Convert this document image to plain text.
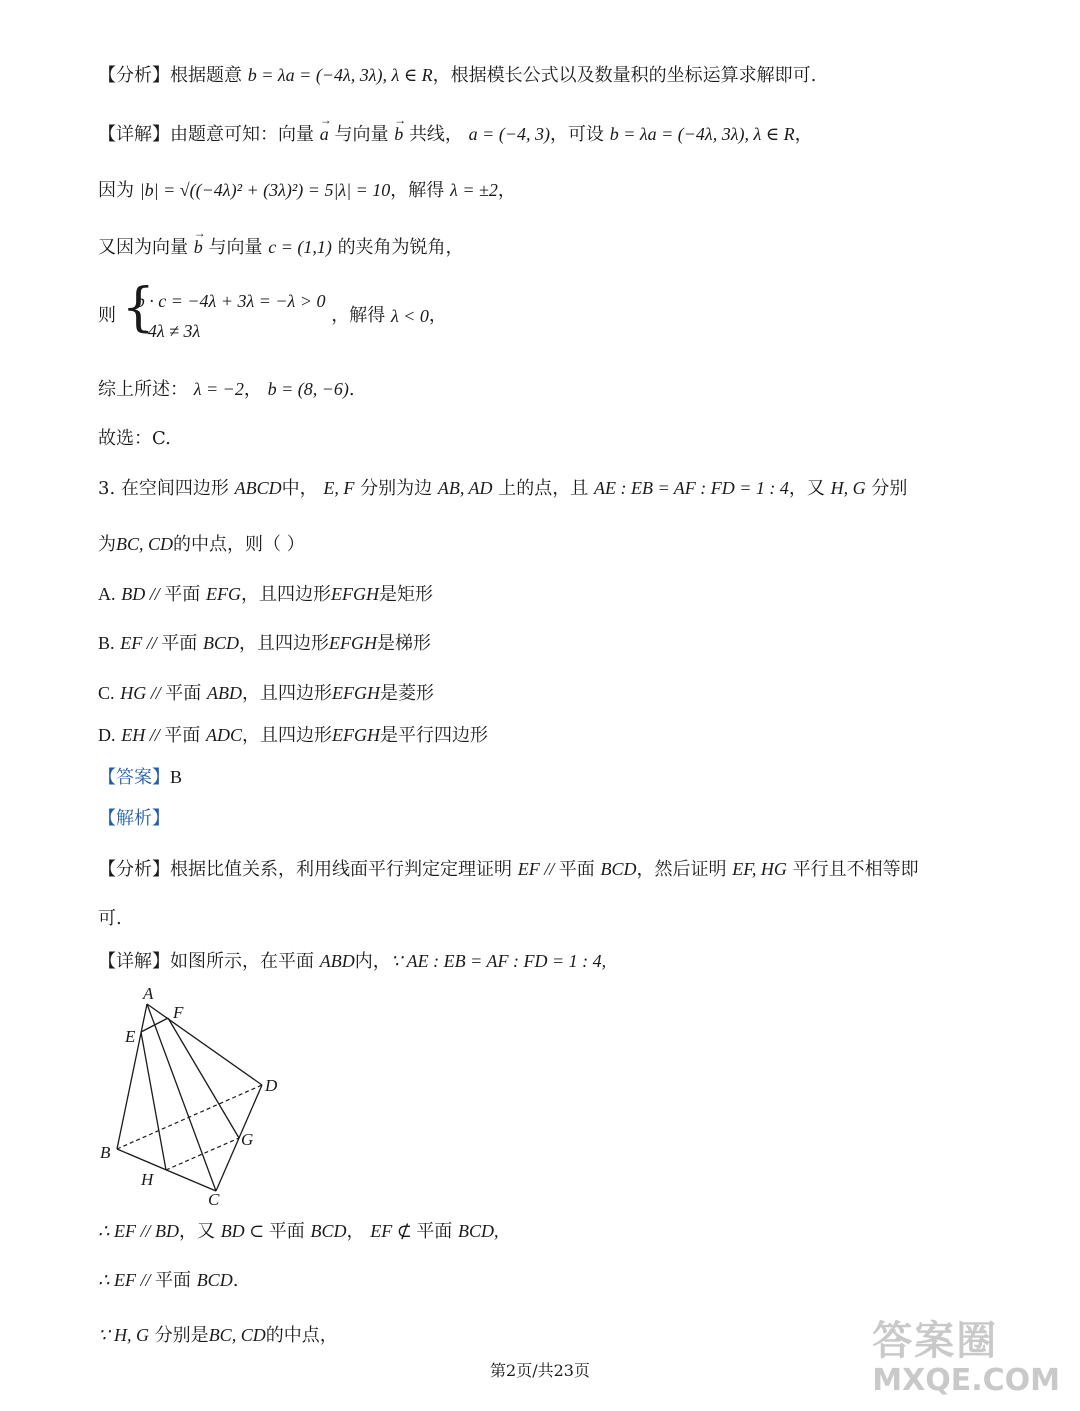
【分析】根据题意 b = λa = (−4λ, 3λ), λ ∈ R，根据模长公式以及数量积的坐标运算求解即可.
【详解】由题意可知：向量 → a 与向量 → b 共线， a = (−4, 3)，可设 b = λa = (−4λ, 3λ), λ ∈ R，
因为 |b| = √((−4λ)² + (3λ)²) = 5|λ| = 10，解得 λ = ±2，
又因为向量 → b 与向量 c = (1,1) 的夹角为锐角，
则 {
b · c = −4λ + 3λ = −λ > 0
−4λ ≠ 3λ
，解得 λ < 0，
综上所述： λ = −2， b = (8, −6).
故选：C.
3. 在空间四边形 ABCD中， E, F 分别为边 AB, AD 上的点，且 AE : EB = AF : FD = 1 : 4，又 H, G 分别
为BC, CD的中点，则（ ）
A. BD // 平面 EFG，且四边形EFGH是矩形
B. EF // 平面 BCD，且四边形EFGH是梯形
C. HG // 平面 ABD，且四边形EFGH是菱形
D. EH // 平面 ADC，且四边形EFGH是平行四边形
【答案】B
【解析】
【分析】根据比值关系，利用线面平行判定定理证明 EF // 平面 BCD，然后证明 EF, HG 平行且不相等即
可.
【详解】如图所示，在平面 ABD内，∵ AE : EB = AF : FD = 1 : 4,
A
F
E
D
G
B
H
C
∴ EF // BD，又 BD ⊂ 平面 BCD， EF ⊄ 平面 BCD,
∴ EF // 平面 BCD.
∵ H, G 分别是BC, CD的中点，
第2页/共23页
答案圈
MXQE.COM
